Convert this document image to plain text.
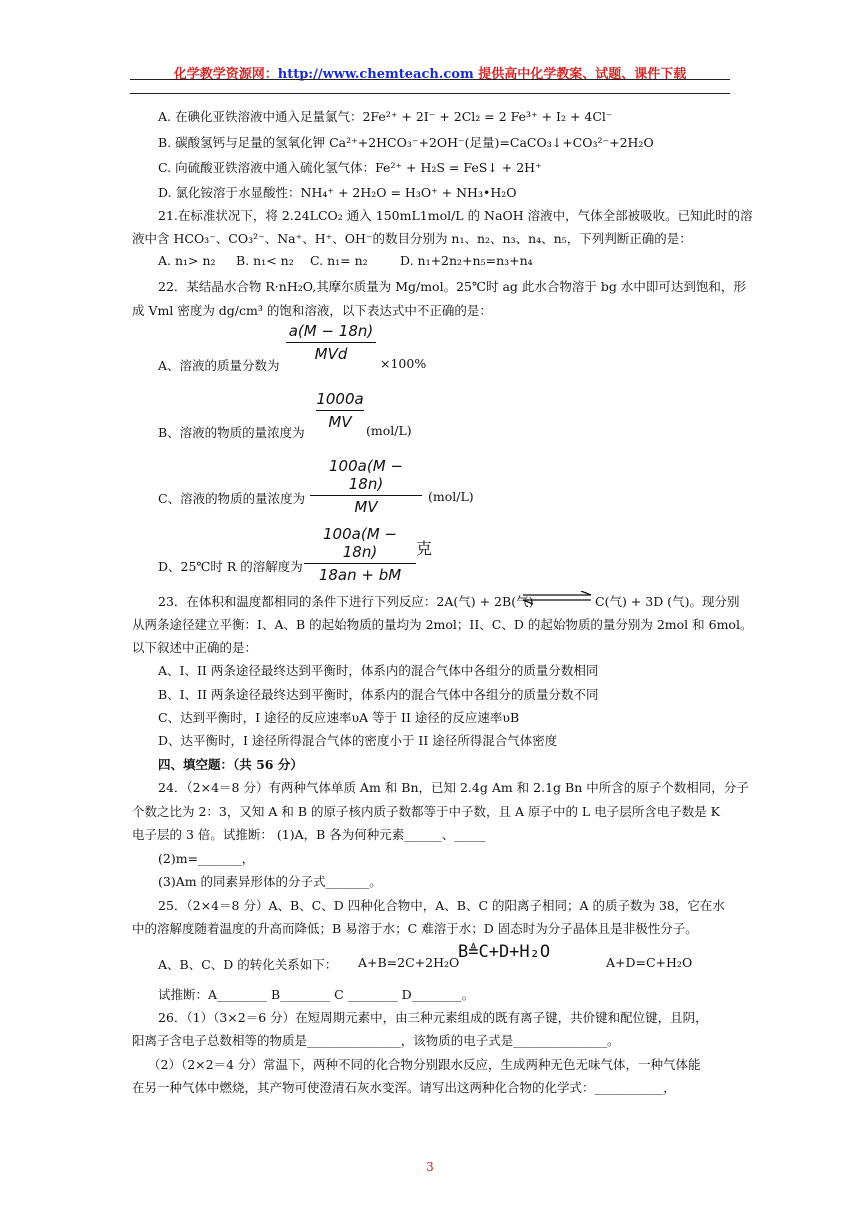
化学教学资源网：http://www.chemteach.com 提供高中化学教案、试题、课件下载
A. 在碘化亚铁溶液中通入足量氯气：2Fe²⁺ + 2I⁻ + 2Cl₂ = 2 Fe³⁺ + I₂ + 4Cl⁻
B. 碳酸氢钙与足量的氢氧化钾 Ca²⁺+2HCO₃⁻+2OH⁻(足量)=CaCO₃↓+CO₃²⁻+2H₂O
C. 向硫酸亚铁溶液中通入硫化氢气体：Fe²⁺ + H₂S = FeS↓ + 2H⁺
D. 氯化铵溶于水显酸性：NH₄⁺ + 2H₂O = H₃O⁺ + NH₃•H₂O
21.在标准状况下，将 2.24LCO₂ 通入 150mL1mol/L 的 NaOH 溶液中，气体全部被吸收。已知此时的溶
液中含 HCO₃⁻、CO₃²⁻、Na⁺、H⁺、OH⁻的数目分别为 n₁、n₂、n₃、n₄、n₅，下列判断正确的是：
A. n₁> n₂ B. n₁< n₂ C. n₁= n₂	D. n₁+2n₂+n₅=n₃+n₄
22．某结晶水合物 R·nH₂O,其摩尔质量为 Mg/mol。25℃时 ag 此水合物溶于 bg 水中即可达到饱和，形
成 Vml 密度为 dg/cm³ 的饱和溶液，以下表达式中不正确的是：
A、溶液的质量分数为
a(M − 18n)
MVd
×100%
B、溶液的物质的量浓度为
1000a
MV	(mol/L)
C、溶液的物质的量浓度为
100a(M − 18n)
MV
(mol/L)
D、25℃时 R 的溶解度为
100a(M − 18n)
18an + bM
克
23．在体积和温度都相同的条件下进行下列反应：2A(气) + 2B(气)	C(气) + 3D (气)。现分别
从两条途径建立平衡：I、A、B 的起始物质的量均为 2mol；II、C、D 的起始物质的量分别为 2mol 和 6mol。
以下叙述中正确的是：
A、I、II 两条途径最终达到平衡时，体系内的混合气体中各组分的质量分数相同
B、I、II 两条途径最终达到平衡时，体系内的混合气体中各组分的质量分数不同
C、达到平衡时，I 途径的反应速率υA 等于 II 途径的反应速率υB
D、达平衡时，I 途径所得混合气体的密度小于 II 途径所得混合气体密度
四、填空题：（共 56 分）
24．（2×4＝8 分）有两种气体单质 Am 和 Bn，已知 2.4g Am 和 2.1g Bn 中所含的原子个数相同，分子
个数之比为 2：3，又知 A 和 B 的原子核内质子数都等于中子数，且 A 原子中的 L 电子层所含电子数是 K
电子层的 3 倍。试推断： (1)A，B 各为何种元素______、_____
(2)m=_______，
(3)Am 的同素异形体的分子式_______。
25．（2×4＝8 分）A、B、C、D 四种化合物中，A、B、C 的阳离子相同；A 的质子数为 38，它在水
中的溶解度随着温度的升高而降低；B 易溶于水；C 难溶于水；D 固态时为分子晶体且是非极性分子。
A、B、C、D 的转化关系如下： A+B=2C+2H₂O
B≜C+D+H₂O
A+D=C+H₂O
试推断：A________ B________ C ________ D________。
26．（1）（3×2＝6 分）在短周期元素中，由三种元素组成的既有离子键，共价键和配位键，且阴，
阳离子含电子总数相等的物质是_______________，该物质的电子式是_______________。
（2）（2×2＝4 分）常温下，两种不同的化合物分别跟水反应，生成两种无色无味气体，一种气体能
在另一种气体中燃烧，其产物可使澄清石灰水变浑。请写出这两种化合物的化学式：___________，
3
